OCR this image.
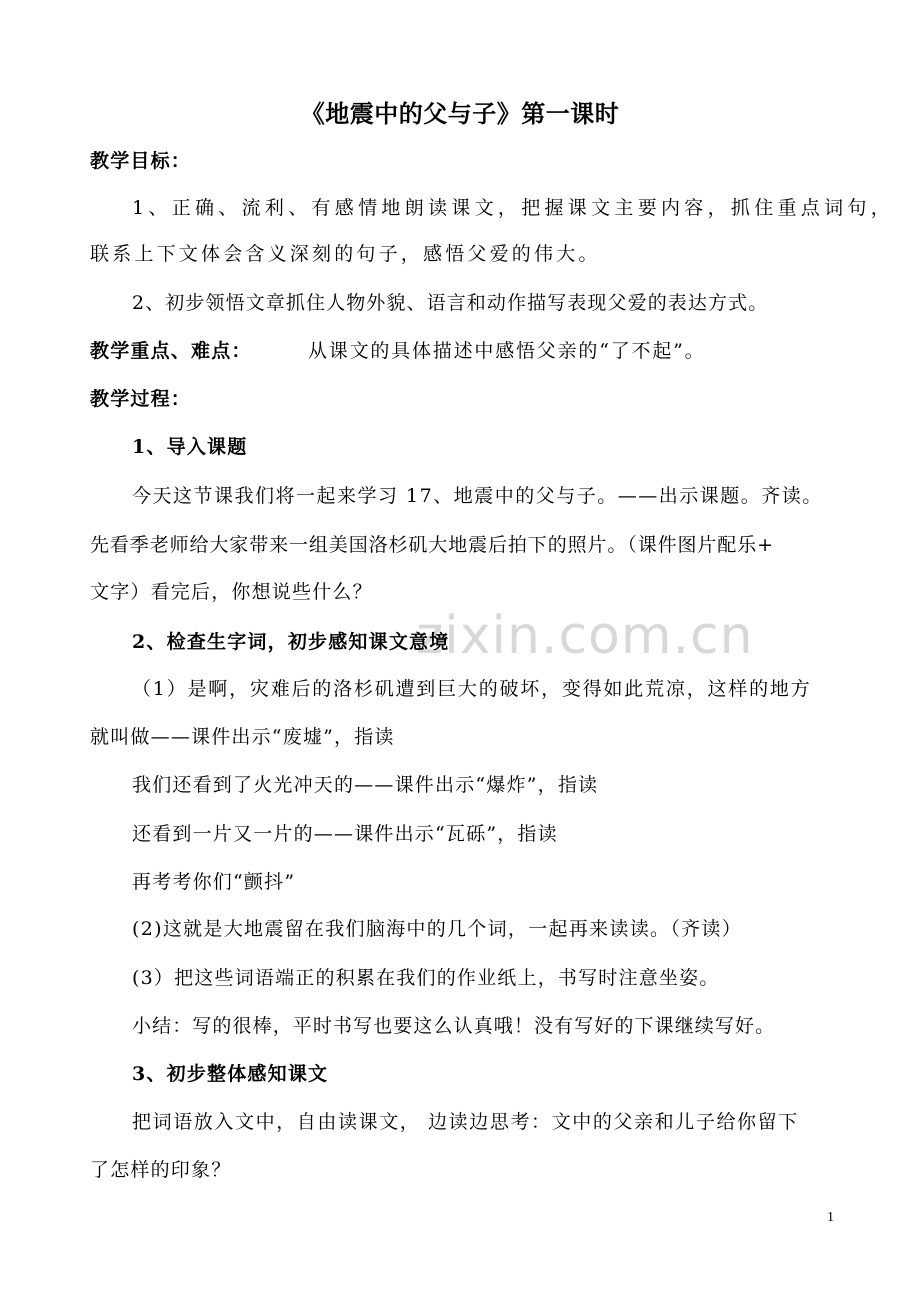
《地震中的父与子》第一课时
教学目标：
1、正确、流利、有感情地朗读课文，把握课文主要内容，抓住重点词句，
联系上下文体会含义深刻的句子，感悟父爱的伟大。
2、初步领悟文章抓住人物外貌、语言和动作描写表现父爱的表达方式。
教学重点、难点：	从课文的具体描述中感悟父亲的“了不起”。
教学过程：
1、导入课题
今天这节课我们将一起来学习 17、地震中的父与子。——出示课题。齐读。
先看季老师给大家带来一组美国洛杉矶大地震后拍下的照片。（课件图片配乐+
文字）看完后，你想说些什么？
zixin.com.cn
2、检查生字词，初步感知课文意境
（1）是啊，灾难后的洛杉矶遭到巨大的破坏，变得如此荒凉，这样的地方
就叫做——课件出示“废墟”，指读
我们还看到了火光冲天的——课件出示“爆炸”，指读
还看到一片又一片的——课件出示“瓦砾”，指读
再考考你们“颤抖”
(2)这就是大地震留在我们脑海中的几个词，一起再来读读。（齐读）
(3）把这些词语端正的积累在我们的作业纸上，书写时注意坐姿。
小结：写的很棒，平时书写也要这么认真哦！没有写好的下课继续写好。
3、初步整体感知课文
把词语放入文中，自由读课文， 边读边思考：文中的父亲和儿子给你留下
了怎样的印象？
1
